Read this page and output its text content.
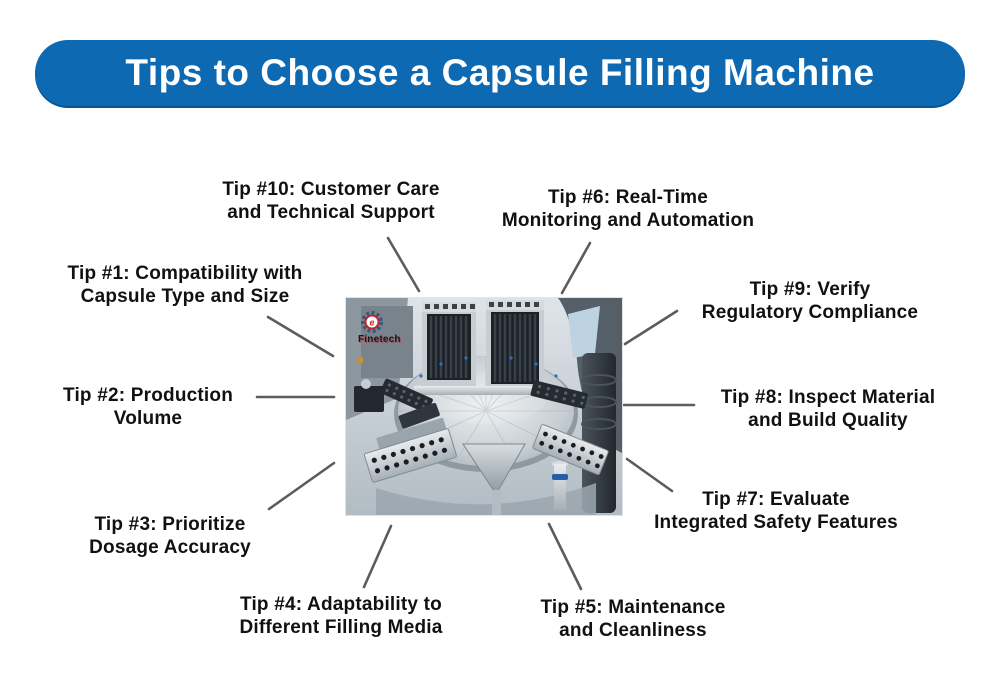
Tips to Choose a Capsule Filling Machine
Tip #10: Customer Care
and Technical Support
Tip #6: Real-Time
Monitoring and Automation
Tip #1: Compatibility with
Capsule Type and Size	Tip #9: Verify
Regulatory Compliance
Tip #2: Production
Volume
Tip #8: Inspect Material
and Build Quality
Tip #3: Prioritize
Dosage Accuracy
Tip #7: Evaluate
Integrated Safety Features
Tip #4: Adaptability to
Different Filling Media
Tip #5: Maintenance
and Cleanliness
e
Finetech
